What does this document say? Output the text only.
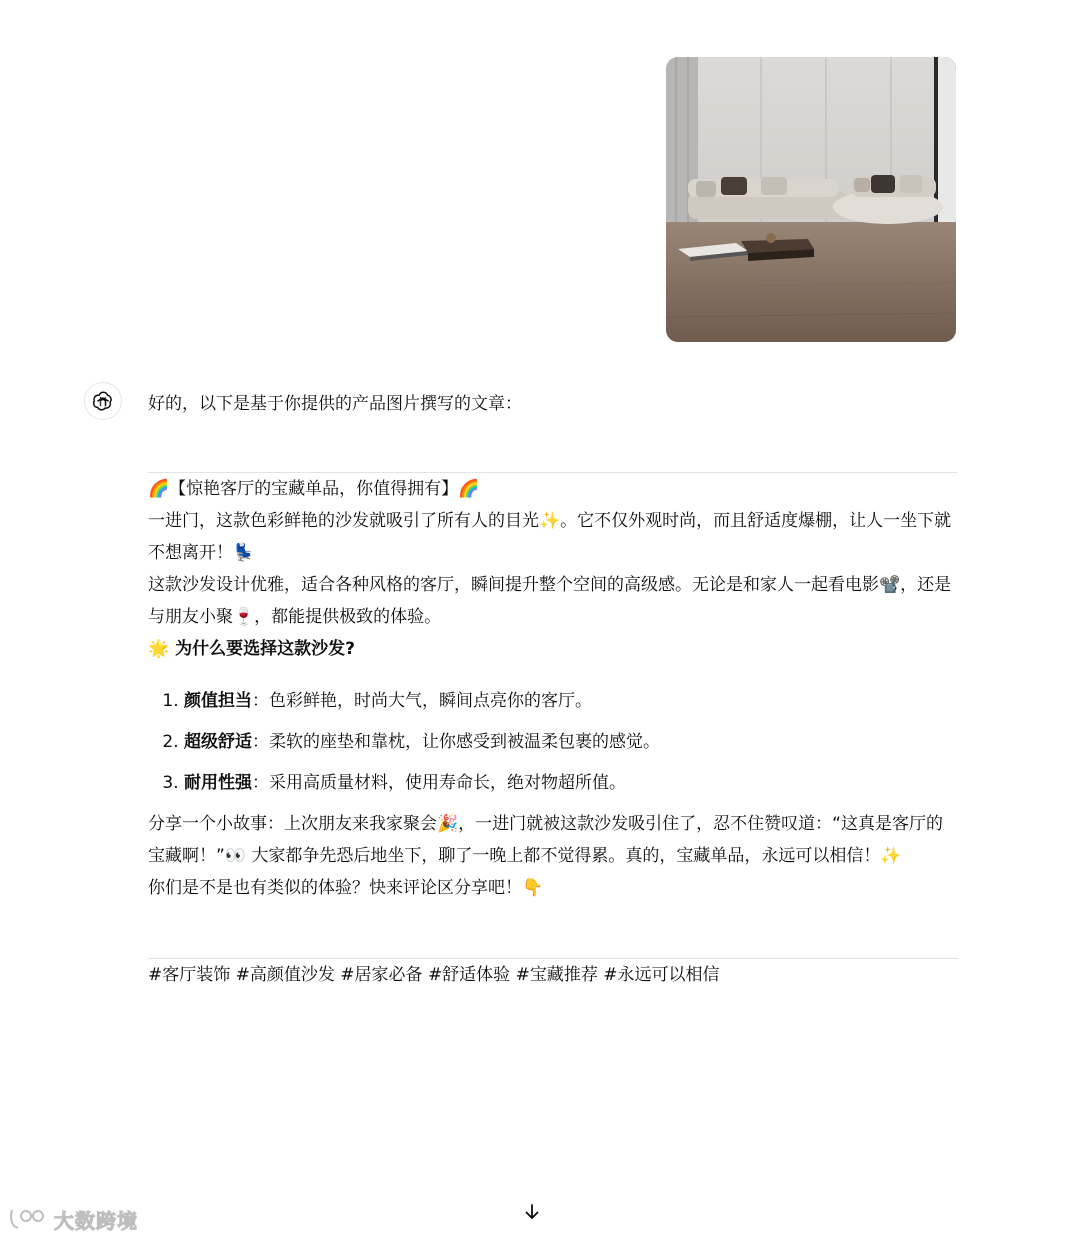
好的，以下是基于你提供的产品图片撰写的文章：

🌈【惊艳客厅的宝藏单品，你值得拥有】🌈

一进门，这款色彩鲜艳的沙发就吸引了所有人的目光✨。它不仅外观时尚，而且舒适度爆棚，让人一坐下就不想离开！💺

这款沙发设计优雅，适合各种风格的客厅，瞬间提升整个空间的高级感。无论是和家人一起看电影📽️，还是与朋友小聚🍷，都能提供极致的体验。

🌟 为什么要选择这款沙发?

1. 颜值担当：色彩鲜艳，时尚大气，瞬间点亮你的客厅。
2. 超级舒适：柔软的座垫和靠枕，让你感受到被温柔包裹的感觉。
3. 耐用性强：采用高质量材料，使用寿命长，绝对物超所值。

分享一个小故事：上次朋友来我家聚会🎉，一进门就被这款沙发吸引住了，忍不住赞叹道：“这真是客厅的宝藏啊！”👀 大家都争先恐后地坐下，聊了一晚上都不觉得累。真的，宝藏单品，永远可以相信！✨

你们是不是也有类似的体验？快来评论区分享吧！👇

#客厅装饰 #高颜值沙发 #居家必备 #舒适体验 #宝藏推荐 #永远可以相信

大数跨境
